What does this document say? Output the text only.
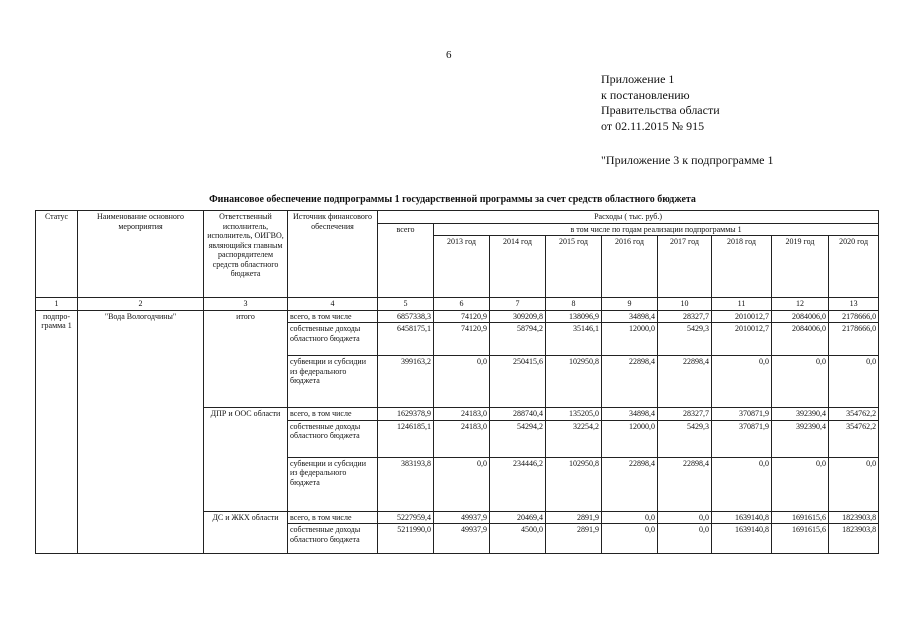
6
Приложение 1
к постановлению
Правительства области
от 02.11.2015 № 915
"Приложение 3 к подпрограмме 1
Финансовое обеспечение подпрограммы 1 государственной программы за счет средств областного бюджета
Статус	Наименование основного мероприятия	Ответственный исполнитель, исполнитель, ОИГВО, являющийся главным распорядителем средств областного бюджета	Источник финансового обеспечения	Расходы ( тыс. руб.)								
				всего	в том числе по годам реализации подпрограммы 1							
					2013 год	2014 год	2015 год	2016 год	2017 год	2018 год	2019 год	2020 год
1	2	3	4	5	6	7	8	9	10	11	12	13
подпро-грамма 1	"Вода Вологодчины"	итого	всего, в том числе	6857338,3	74120,9	309209,8	138096,9	34898,4	28327,7	2010012,7	2084006,0	2178666,0
			собственные доходы областного бюджета	6458175,1	74120,9	58794,2	35146,1	12000,0	5429,3	2010012,7	2084006,0	2178666,0
			субвенции и субсидии из федерального бюджета	399163,2	0,0	250415,6	102950,8	22898,4	22898,4	0,0	0,0	0,0
		ДПР и ООС области	всего, в том числе	1629378,9	24183,0	288740,4	135205,0	34898,4	28327,7	370871,9	392390,4	354762,2
			собственные доходы областного бюджета	1246185,1	24183,0	54294,2	32254,2	12000,0	5429,3	370871,9	392390,4	354762,2
			субвенции и субсидии из федерального бюджета	383193,8	0,0	234446,2	102950,8	22898,4	22898,4	0,0	0,0	0,0
		ДС и ЖКХ области	всего, в том числе	5227959,4	49937,9	20469,4	2891,9	0,0	0,0	1639140,8	1691615,6	1823903,8
			собственные доходы областного бюджета	5211990,0	49937,9	4500,0	2891,9	0,0	0,0	1639140,8	1691615,6	1823903,8
